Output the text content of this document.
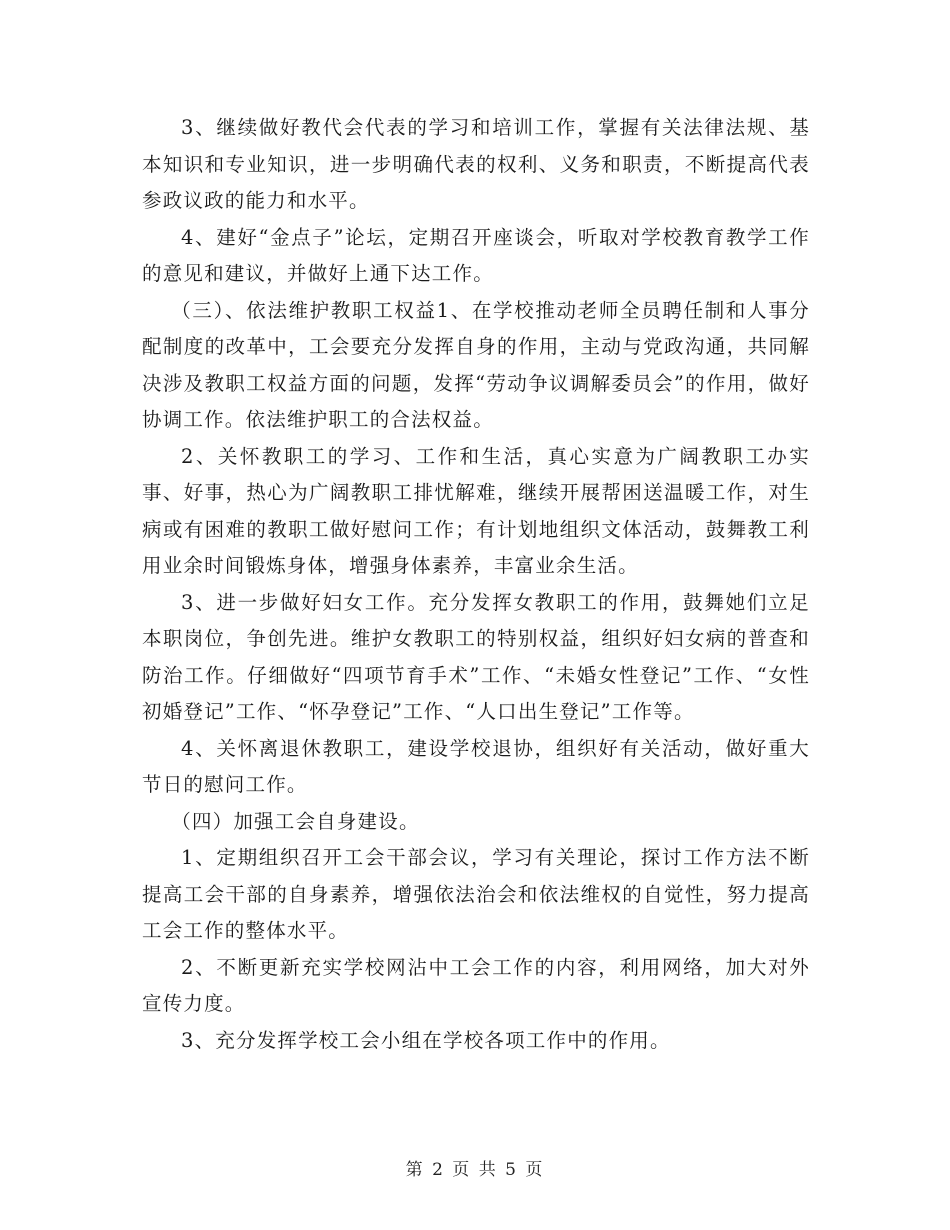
3、继续做好教代会代表的学习和培训工作，掌握有关法律法规、基本知识和专业知识，进一步明确代表的权利、义务和职责，不断提高代表参政议政的能力和水平。

4、建好“金点子”论坛，定期召开座谈会，听取对学校教育教学工作的意见和建议，并做好上通下达工作。

（三）、依法维护教职工权益1、在学校推动老师全员聘任制和人事分配制度的改革中，工会要充分发挥自身的作用，主动与党政沟通，共同解决涉及教职工权益方面的问题，发挥“劳动争议调解委员会”的作用，做好协调工作。依法维护职工的合法权益。

2、关怀教职工的学习、工作和生活，真心实意为广阔教职工办实事、好事，热心为广阔教职工排忧解难，继续开展帮困送温暖工作，对生病或有困难的教职工做好慰问工作；有计划地组织文体活动，鼓舞教工利用业余时间锻炼身体，增强身体素养，丰富业余生活。

3、进一步做好妇女工作。充分发挥女教职工的作用，鼓舞她们立足本职岗位，争创先进。维护女教职工的特别权益，组织好妇女病的普查和防治工作。仔细做好“四项节育手术”工作、“未婚女性登记”工作、“女性初婚登记”工作、“怀孕登记”工作、“人口出生登记”工作等。

4、关怀离退休教职工，建设学校退协，组织好有关活动，做好重大节日的慰问工作。

（四）加强工会自身建设。

1、定期组织召开工会干部会议，学习有关理论，探讨工作方法不断提高工会干部的自身素养，增强依法治会和依法维权的自觉性，努力提高工会工作的整体水平。

2、不断更新充实学校网沾中工会工作的内容，利用网络，加大对外宣传力度。

3、充分发挥学校工会小组在学校各项工作中的作用。

第 2 页 共 5 页
